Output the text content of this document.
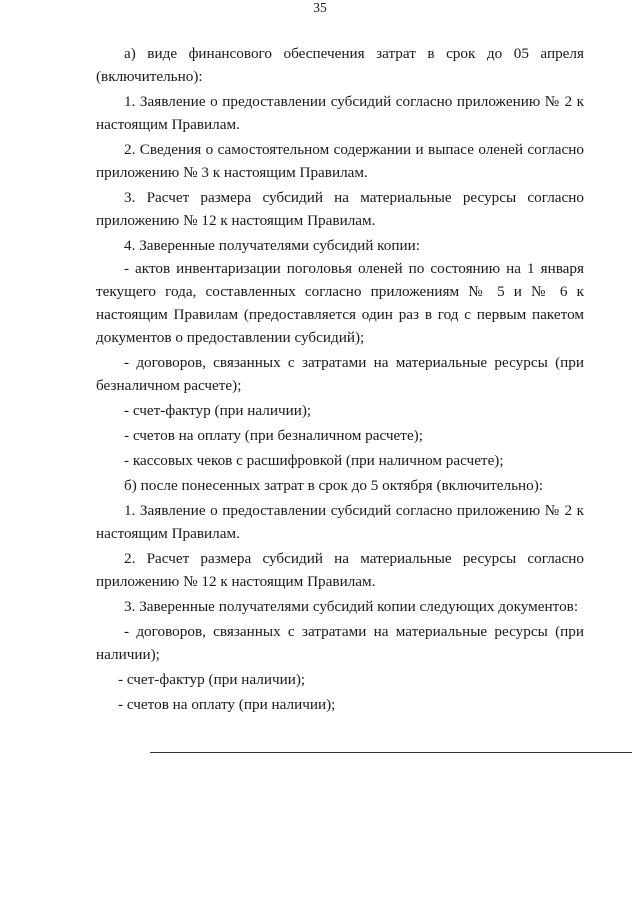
35

а) виде финансового обеспечения затрат в срок до 05 апреля (включительно):

1. Заявление о предоставлении субсидий согласно приложению № 2 к настоящим Правилам.

2. Сведения о самостоятельном содержании и выпасе оленей согласно приложению № 3 к настоящим Правилам.

3. Расчет размера субсидий на материальные ресурсы согласно приложению № 12 к настоящим Правилам.

4. Заверенные получателями субсидий копии:

- актов инвентаризации поголовья оленей по состоянию на 1 января текущего года, составленных согласно приложениям № 5 и № 6 к настоящим Правилам (предоставляется один раз в год с первым пакетом документов о предоставлении субсидий);

- договоров, связанных с затратами на материальные ресурсы (при безналичном расчете);

- счет-фактур (при наличии);

- счетов на оплату (при безналичном расчете);

- кассовых чеков с расшифровкой (при наличном расчете);

б) после понесенных затрат в срок до 5 октября (включительно):

1. Заявление о предоставлении субсидий согласно приложению № 2 к настоящим Правилам.

2. Расчет размера субсидий на материальные ресурсы согласно приложению № 12 к настоящим Правилам.

3. Заверенные получателями субсидий копии следующих документов:

- договоров, связанных с затратами на материальные ресурсы (при наличии);

- счет-фактур (при наличии);

- счетов на оплату (при наличии);
